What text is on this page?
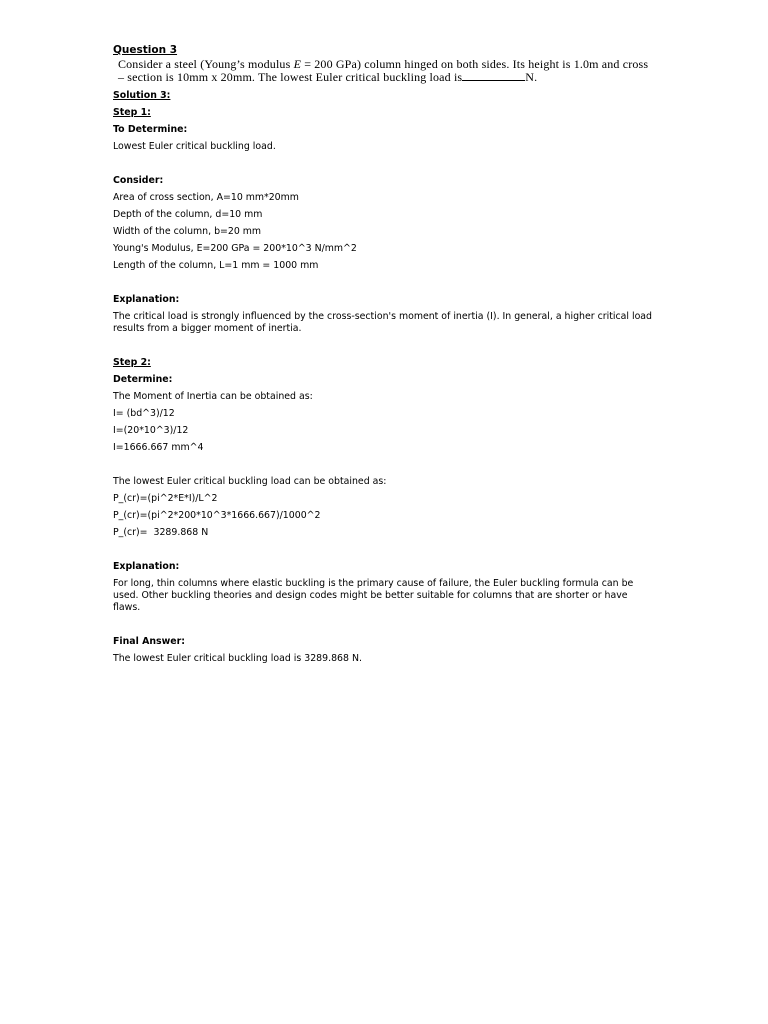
Question 3

Consider a steel (Young’s modulus E = 200 GPa) column hinged on both sides. Its height is 1.0m and cross – section is 10mm x 20mm. The lowest Euler critical buckling load is	N.

Solution 3:

Step 1:

To Determine:

Lowest Euler critical buckling load.

Consider:

Area of cross section, A=10 mm*20mm

Depth of the column, d=10 mm

Width of the column, b=20 mm

Young's Modulus, E=200 GPa = 200*10^3 N/mm^2

Length of the column, L=1 mm = 1000 mm

Explanation:

The critical load is strongly influenced by the cross-section's moment of inertia (I). In general, a higher critical load results from a bigger moment of inertia.

Step 2:

Determine:

The Moment of Inertia can be obtained as:

I= (bd^3)/12

I=(20*10^3)/12

I=1666.667 mm^4

The lowest Euler critical buckling load can be obtained as:

P_(cr)=(pi^2*E*I)/L^2

P_(cr)=(pi^2*200*10^3*1666.667)/1000^2

P_(cr)=  3289.868 N

Explanation:

For long, thin columns where elastic buckling is the primary cause of failure, the Euler buckling formula can be used. Other buckling theories and design codes might be better suitable for columns that are shorter or have flaws.

Final Answer:

The lowest Euler critical buckling load is 3289.868 N.
